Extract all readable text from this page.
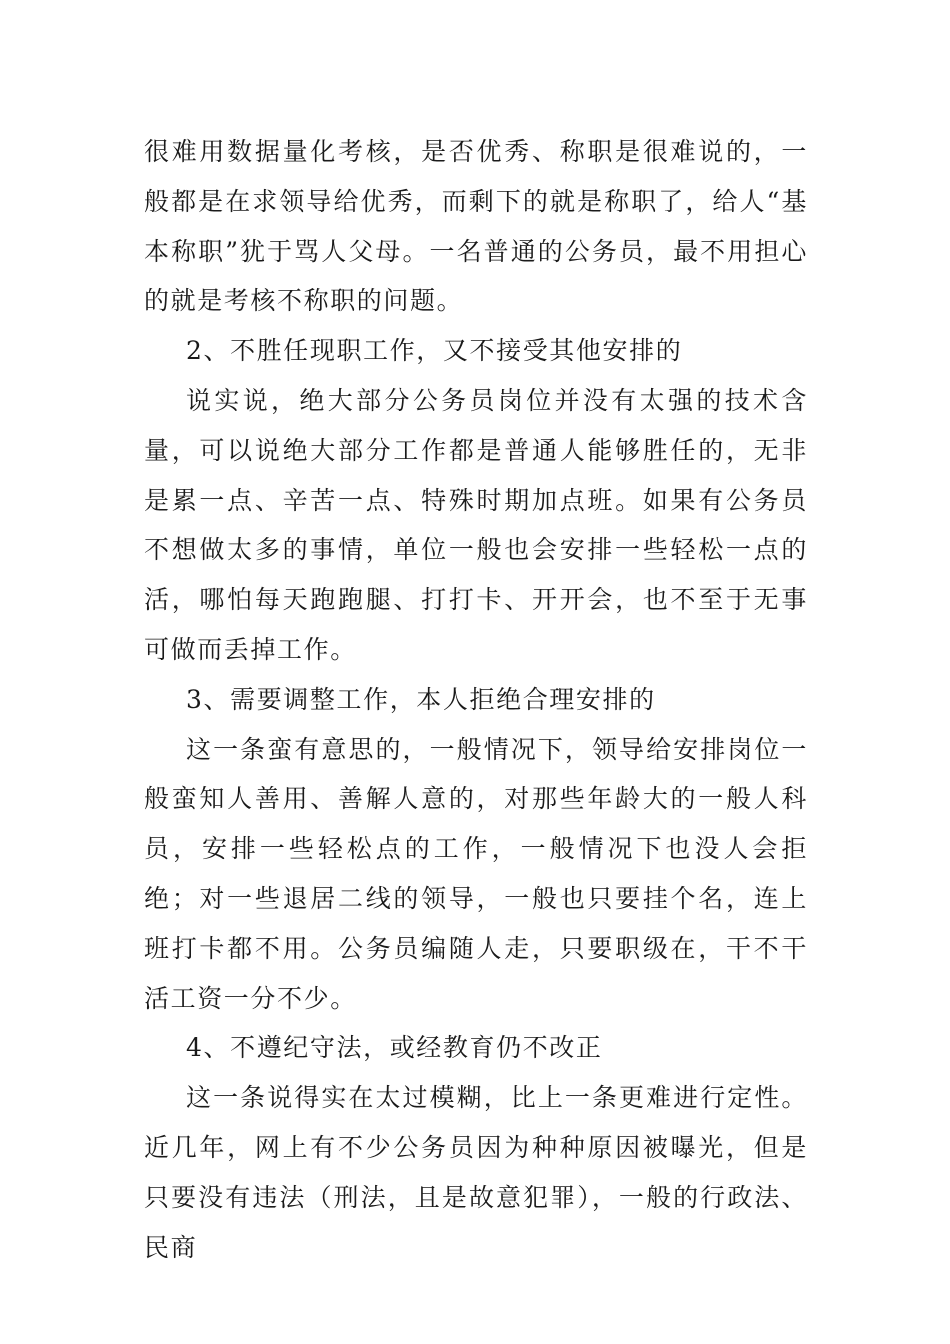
很难用数据量化考核，是否优秀、称职是很难说的，一般都是在求领导给优秀，而剩下的就是称职了，给人“基本称职”犹于骂人父母。一名普通的公务员，最不用担心的就是考核不称职的问题。

2、不胜任现职工作，又不接受其他安排的

说实说，绝大部分公务员岗位并没有太强的技术含量，可以说绝大部分工作都是普通人能够胜任的，无非是累一点、辛苦一点、特殊时期加点班。如果有公务员不想做太多的事情，单位一般也会安排一些轻松一点的活，哪怕每天跑跑腿、打打卡、开开会，也不至于无事可做而丢掉工作。

3、需要调整工作，本人拒绝合理安排的

这一条蛮有意思的，一般情况下，领导给安排岗位一般蛮知人善用、善解人意的，对那些年龄大的一般人科员，安排一些轻松点的工作，一般情况下也没人会拒绝；对一些退居二线的领导，一般也只要挂个名，连上班打卡都不用。公务员编随人走，只要职级在，干不干活工资一分不少。

4、不遵纪守法，或经教育仍不改正

这一条说得实在太过模糊，比上一条更难进行定性。近几年，网上有不少公务员因为种种原因被曝光，但是只要没有违法（刑法，且是故意犯罪），一般的行政法、民商
